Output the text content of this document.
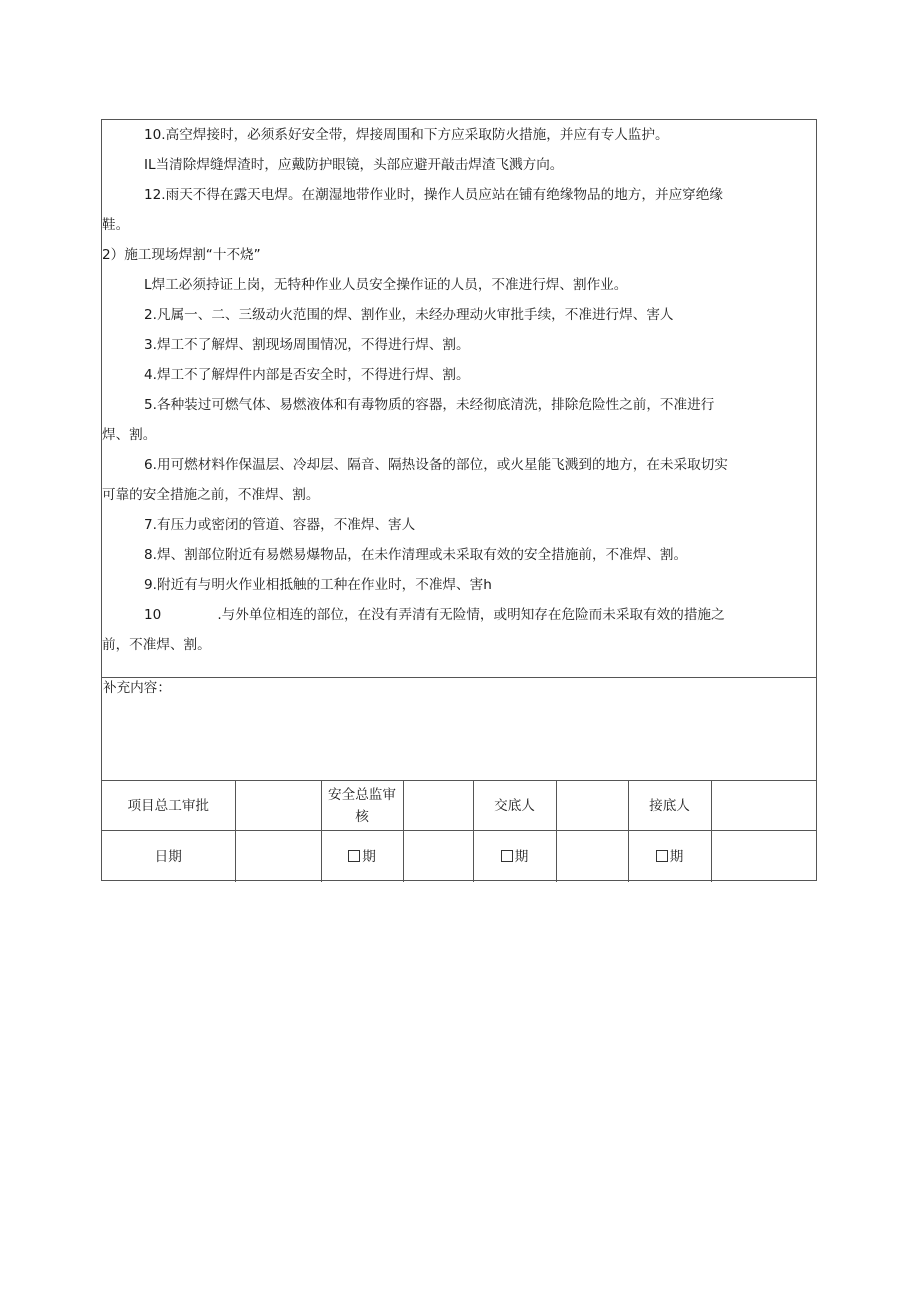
10.高空焊接时，必须系好安全带，焊接周围和下方应采取防火措施，并应有专人监护。

IL当清除焊缝焊渣时，应戴防护眼镜，头部应避开敲击焊渣飞溅方向。

12.雨天不得在露天电焊。在潮湿地带作业时，操作人员应站在铺有绝缘物品的地方，并应穿绝缘
鞋。

2）施工现场焊割“十不烧”

L焊工必须持证上岗，无特种作业人员安全操作证的人员，不准进行焊、割作业。

2.凡属一、二、三级动火范围的焊、割作业，未经办理动火审批手续，不准进行焊、害人

3.焊工不了解焊、割现场周围情况，不得进行焊、割。

4.焊工不了解焊件内部是否安全时，不得进行焊、割。

5.各种装过可燃气体、易燃液体和有毒物质的容器，未经彻底清洗，排除危险性之前，不准进行
焊、割。

6.用可燃材料作保温层、冷却层、隔音、隔热设备的部位，或火星能飞溅到的地方，在未采取切实
可靠的安全措施之前，不准焊、割。

7.有压力或密闭的管道、容器，不准焊、害人

8.焊、割部位附近有易燃易爆物品，在未作清理或未采取有效的安全措施前，不准焊、割。

9.附近有与明火作业相抵触的工种在作业时，不准焊、害h

10	.与外单位相连的部位，在没有弄清有无险情，或明知存在危险而未采取有效的措施之
前，不准焊、割。

补充内容：
项目总工审批		安全总监审核		交底人		接底人	
日期		期		期		期	
